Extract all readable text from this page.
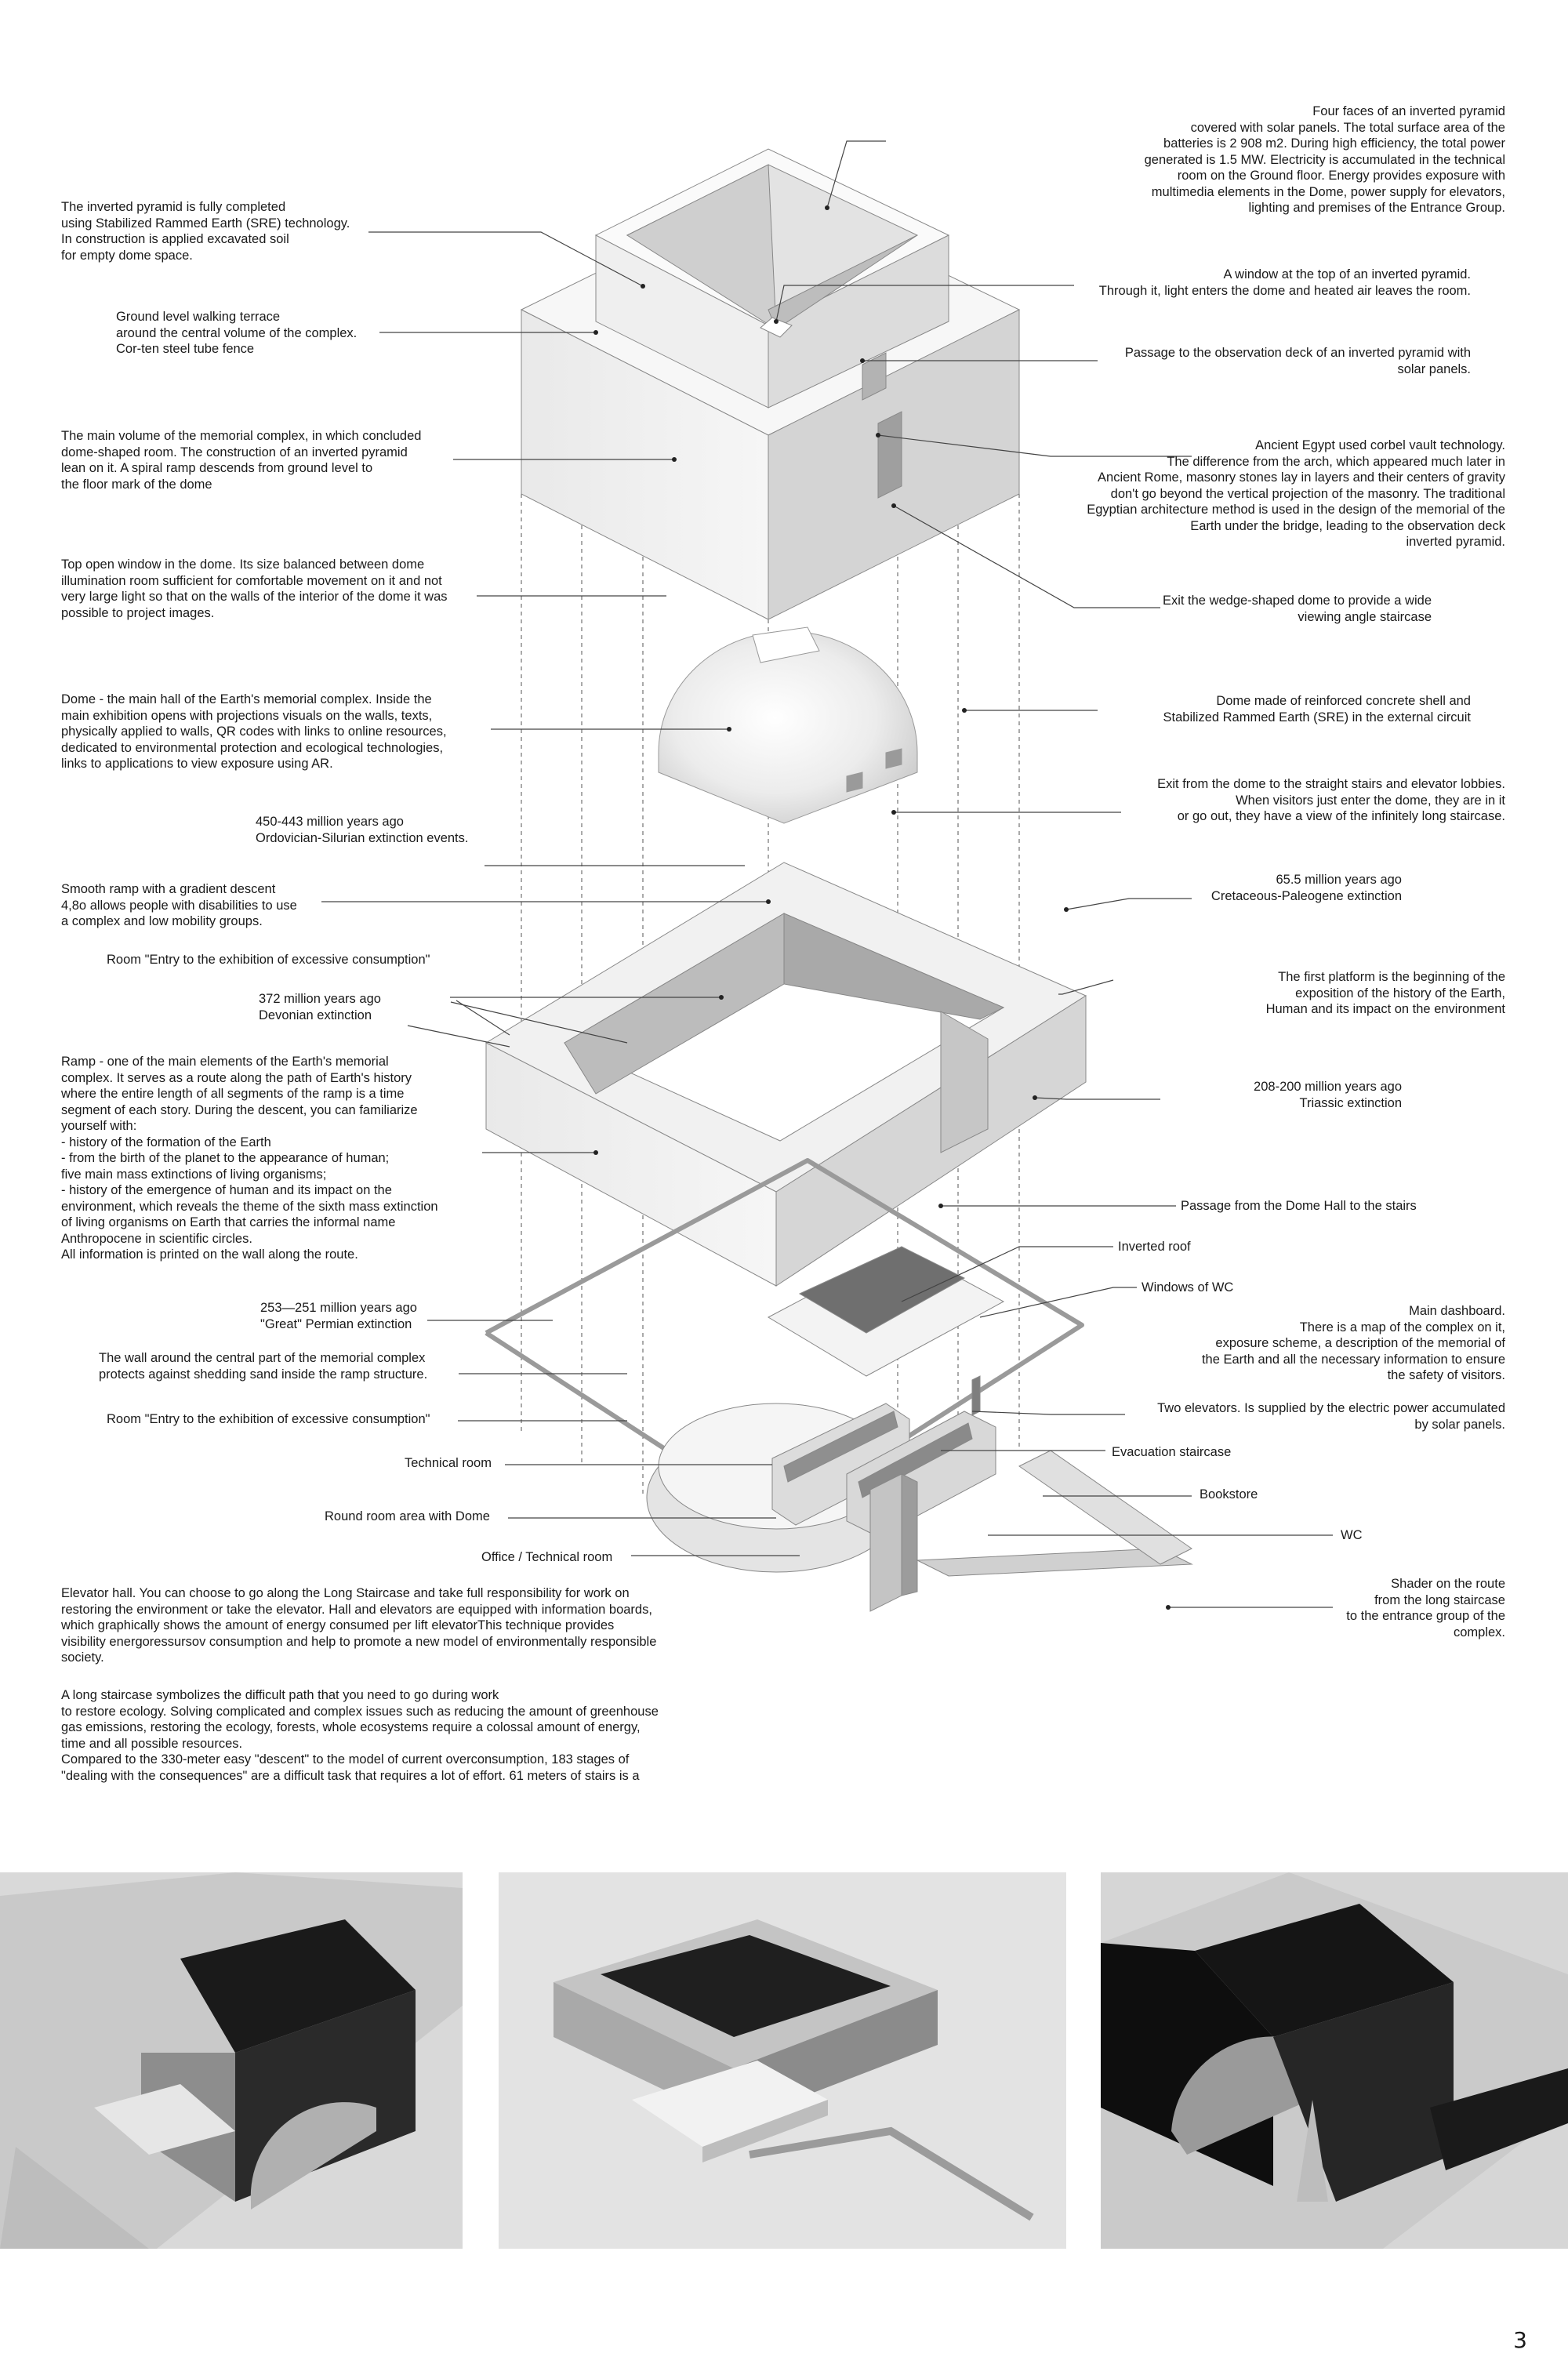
The inverted pyramid is fully completed
using Stabilized Rammed Earth (SRE) technology.
In construction is applied excavated soil
for empty dome space.
Ground level walking terrace
around the central volume of the complex.
Cor-ten steel tube fence
The main volume of the memorial complex, in which concluded
dome-shaped room. The construction of an inverted pyramid
lean on it. A spiral ramp descends from ground level to
the floor mark of the dome
Top open window in the dome. Its size balanced between dome
illumination room sufficient for comfortable movement on it and not
very large light so that on the walls of the interior of the dome it was
possible to project images.
Dome - the main hall of the Earth's memorial complex. Inside the
main exhibition opens with projections visuals on the walls, texts,
physically applied to walls, QR codes with links to online resources,
dedicated to environmental protection and ecological technologies,
links to applications to view exposure using AR.
450-443 million years ago
Ordovician-Silurian extinction events.
Smooth ramp with a gradient descent
4,8o allows people with disabilities to use
a complex and low mobility groups.
Room "Entry to the exhibition of excessive consumption"
372 million years ago
Devonian extinction
Ramp - one of the main elements of the Earth's memorial
complex. It serves as a route along the path of Earth's history
where the entire length of all segments of the ramp is a time
segment of each story. During the descent, you can familiarize
yourself with:
- history of the formation of the Earth
- from the birth of the planet to the appearance of human;
five main mass extinctions of living organisms;
- history of the emergence of human and its impact on the
environment, which reveals the theme of the sixth mass extinction
of living organisms on Earth that carries the informal name
Anthropocene in scientific circles.
All information is printed on the wall along the route.
253—251 million years ago
"Great" Permian extinction
The wall around the central part of the memorial complex
protects against shedding sand inside the ramp structure.
Room "Entry to the exhibition of excessive consumption"
Technical room
Round room area with Dome
Office / Technical room
Elevator hall. You can choose to go along the Long Staircase and take full responsibility for work on
restoring the environment or take the elevator. Hall and elevators are equipped with information boards,
which graphically shows the amount of energy consumed per lift elevatorThis technique provides
visibility energoressursov consumption and help to promote a new model of environmentally responsible
society.
A long staircase symbolizes the difficult path that you need to go during work
to restore ecology. Solving complicated and complex issues such as reducing the amount of greenhouse
gas emissions, restoring the ecology, forests, whole ecosystems require a colossal amount of energy,
time and all possible resources.
Compared to the 330-meter easy "descent" to the model of current overconsumption, 183 stages of
"dealing with the consequences" are a difficult task that requires a lot of effort. 61 meters of stairs is a
Four faces of an inverted pyramid
covered with solar panels. The total surface area of the
batteries is 2 908 m2. During high efficiency, the total power
generated is 1.5 MW. Electricity is accumulated in the technical
room on the Ground floor. Energy provides exposure with
multimedia elements in the Dome, power supply for elevators,
lighting and premises of the Entrance Group.
A window at the top of an inverted pyramid.
Through it, light enters the dome and heated air leaves the room.
Passage to the observation deck of an inverted pyramid with
solar panels.
Ancient Egypt used corbel vault technology.
The difference from the arch, which appeared much later in
Ancient Rome, masonry stones lay in layers and their centers of gravity
don't go beyond the vertical projection of the masonry. The traditional
Egyptian architecture method is used in the design of the memorial of the
Earth under the bridge, leading to the observation deck
inverted pyramid.
Exit the wedge-shaped dome to provide a wide
viewing angle staircase
Dome made of reinforced concrete shell and
Stabilized Rammed Earth (SRE) in the external circuit
Exit from the dome to the straight stairs and elevator lobbies.
When visitors just enter the dome, they are in it
or go out, they have a view of the infinitely long staircase.
65.5 million years ago
Cretaceous-Paleogene extinction
The first platform is the beginning of the
exposition of the history of the Earth,
Human and its impact on the environment
208-200 million years ago
Triassic extinction
Passage from the Dome Hall to the stairs
Inverted roof
Windows of WC
Main dashboard.
There is a map of the complex on it,
exposure scheme, a description of the memorial of
the Earth and all the necessary information to ensure
the safety of visitors.
Two elevators. Is supplied by the electric power accumulated
by solar panels.
Evacuation staircase
Bookstore
WC
Shader on the route
from the long staircase
to the entrance group of the
complex.
3
